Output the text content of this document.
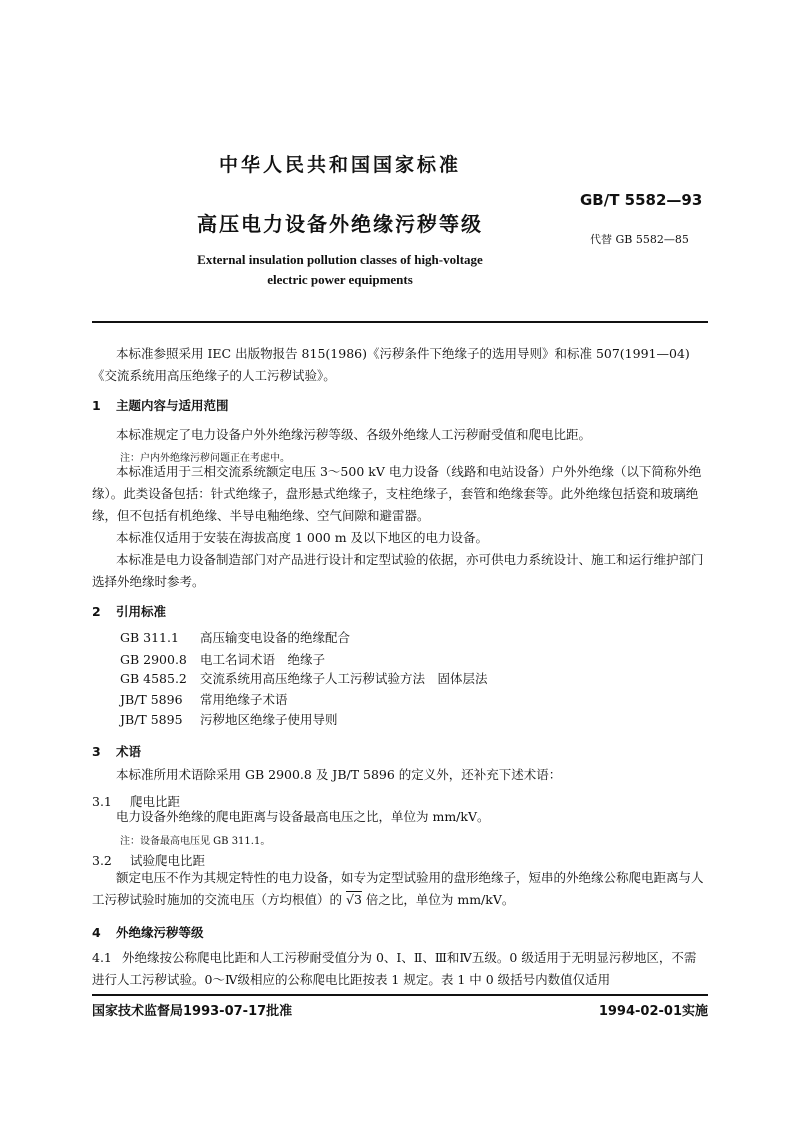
中华人民共和国国家标准
GB/T 5582—93
高压电力设备外绝缘污秽等级
代替 GB 5582—85
External insulation pollution classes of high-voltage
electric power equipments

本标准参照采用 IEC 出版物报告 815(1986)《污秽条件下绝缘子的选用导则》和标准 507(1991—04)《交流系统用高压绝缘子的人工污秽试验》。

1 主题内容与适用范围

本标准规定了电力设备户外外绝缘污秽等级、各级外绝缘人工污秽耐受值和爬电比距。

注：户内外绝缘污秽问题正在考虑中。

本标准适用于三相交流系统额定电压 3～500 kV 电力设备（线路和电站设备）户外外绝缘（以下简称外绝缘）。此类设备包括：针式绝缘子，盘形悬式绝缘子，支柱绝缘子，套管和绝缘套等。此外绝缘包括瓷和玻璃绝缘，但不包括有机绝缘、半导电釉绝缘、空气间隙和避雷器。

本标准仅适用于安装在海拔高度 1 000 m 及以下地区的电力设备。

本标准是电力设备制造部门对产品进行设计和定型试验的依据，亦可供电力系统设计、施工和运行维护部门选择外绝缘时参考。

2 引用标准
GB 311.1 高压输变电设备的绝缘配合
GB 2900.8 电工名词术语　绝缘子
GB 4585.2 交流系统用高压绝缘子人工污秽试验方法　固体层法
JB/T 5896 常用绝缘子术语
JB/T 5895 污秽地区绝缘子使用导则
3 术语

本标准所用术语除采用 GB 2900.8 及 JB/T 5896 的定义外，还补充下述术语：

3.1 爬电比距

电力设备外绝缘的爬电距离与设备最高电压之比，单位为 mm/kV。

注：设备最高电压见 GB 311.1。
3.2 试验爬电比距

额定电压不作为其规定特性的电力设备，如专为定型试验用的盘形绝缘子，短串的外绝缘公称爬电距离与人工污秽试验时施加的交流电压（方均根值）的 √3 倍之比，单位为 mm/kV。

4 外绝缘污秽等级

4.1 外绝缘按公称爬电比距和人工污秽耐受值分为 0、Ⅰ、Ⅱ、Ⅲ和Ⅳ五级。0 级适用于无明显污秽地区，不需进行人工污秽试验。0～Ⅳ级相应的公称爬电比距按表 1 规定。表 1 中 0 级括号内数值仅适用

国家技术监督局1993-07-17批准	1994-02-01实施
